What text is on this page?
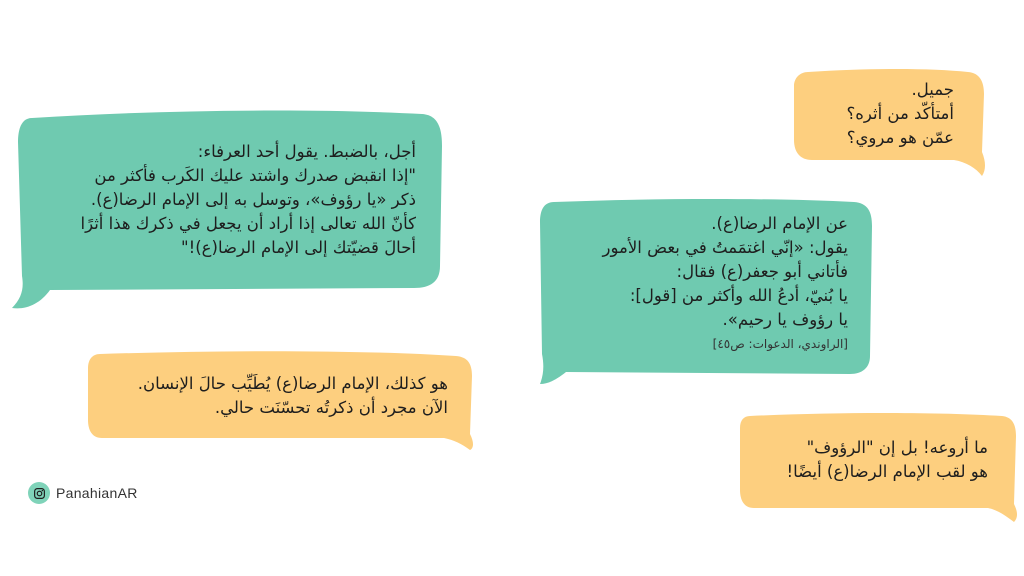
أجل، بالضبط. يقول أحد العرفاء:
"إذا انقبض صدرك واشتد عليك الكَرب فأكثر من
ذكر «يا رؤوف»، وتوسل به إلى الإمام الرضا(ع).
كأنّ الله تعالى إذا أراد أن يجعل في ذكرك هذا أثرًا
أحالَ قضيّتك إلى الإمام الرضا(ع)!"
جميل.
أمتأكّد من أثره؟
عمّن هو مروي؟
عن الإمام الرضا(ع).
يقول: «إنّي اغتمَمتُ في بعض الأمور
فأتاني أبو جعفر(ع) فقال:
يا بُنيّ، أدعُ الله وأكثر من [قول]:
يا رؤوف يا رحيم».
[الراوندي، الدعوات: ص٤٥]
هو كذلك، الإمام الرضا(ع) يُطَيِّب حالَ الإنسان.
الآن مجرد أن ذكرتُه تحسّنَت حالي.
ما أروعه! بل إن "الرؤوف"
هو لقب الإمام الرضا(ع) أيضًا!
PanahianAR
